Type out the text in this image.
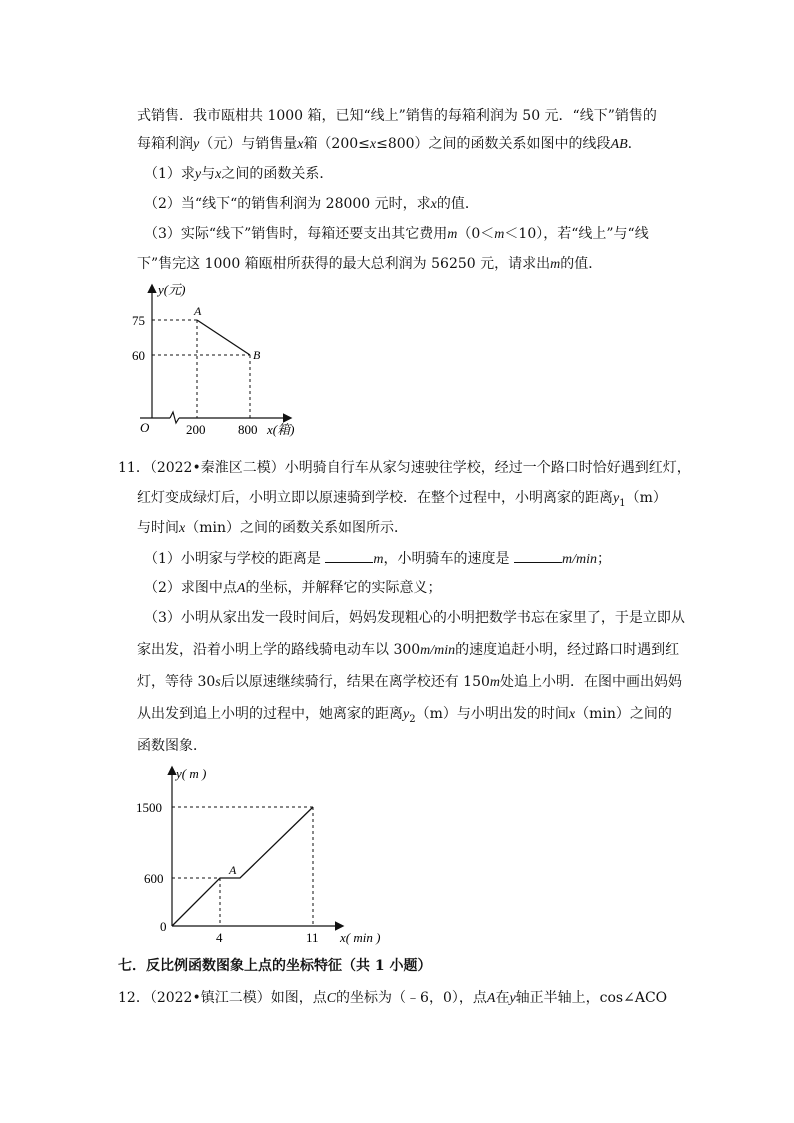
式销售．我市瓯柑共 1000 箱，已知“线上”销售的每箱利润为 50 元．“线下”销售的
每箱利润y（元）与销售量x箱（200≤x≤800）之间的函数关系如图中的线段AB.
（1）求y与x之间的函数关系．
（2）当“线下“的销售利润为 28000 元时，求x的值．
（3）实际“线下”销售时，每箱还要支出其它费用m（0＜m＜10），若“线上”与“线
下”售完这 1000 箱瓯柑所获得的最大总利润为 56250 元，请求出m的值．
y(元)
75
60
A
B
O	200	800 x(箱)
11．（2022•秦淮区二模）小明骑自行车从家匀速驶往学校，经过一个路口时恰好遇到红灯，
红灯变成绿灯后，小明立即以原速骑到学校．在整个过程中，小明离家的距离$y_1(m)$
与时间x（min）之间的函数关系如图所示．
（1）小明家与学校的距离是	m，小明骑车的速度是	m/min；
（2）求图中点A的坐标，并解释它的实际意义；
（3）小明从家出发一段时间后，妈妈发现粗心的小明把数学书忘在家里了，于是立即从
家出发，沿着小明上学的路线骑电动车以 300m/min的速度追赶小明，经过路口时遇到红
灯，等待 30s后以原速继续骑行，结果在离学校还有 150m处追上小明．在图中画出妈妈
从出发到追上小明的过程中，她离家的距离$y_2(m)$与小明出发的时间x（min）之间的
函数图象．
y( m )
1500
600
0
A
4	11 x( min )
七．反比例函数图象上点的坐标特征（共 1 小题）
12．（2022•镇江二模）如图，点C的坐标为（﹣6，0），点A在y轴正半轴上，cos∠ACO
